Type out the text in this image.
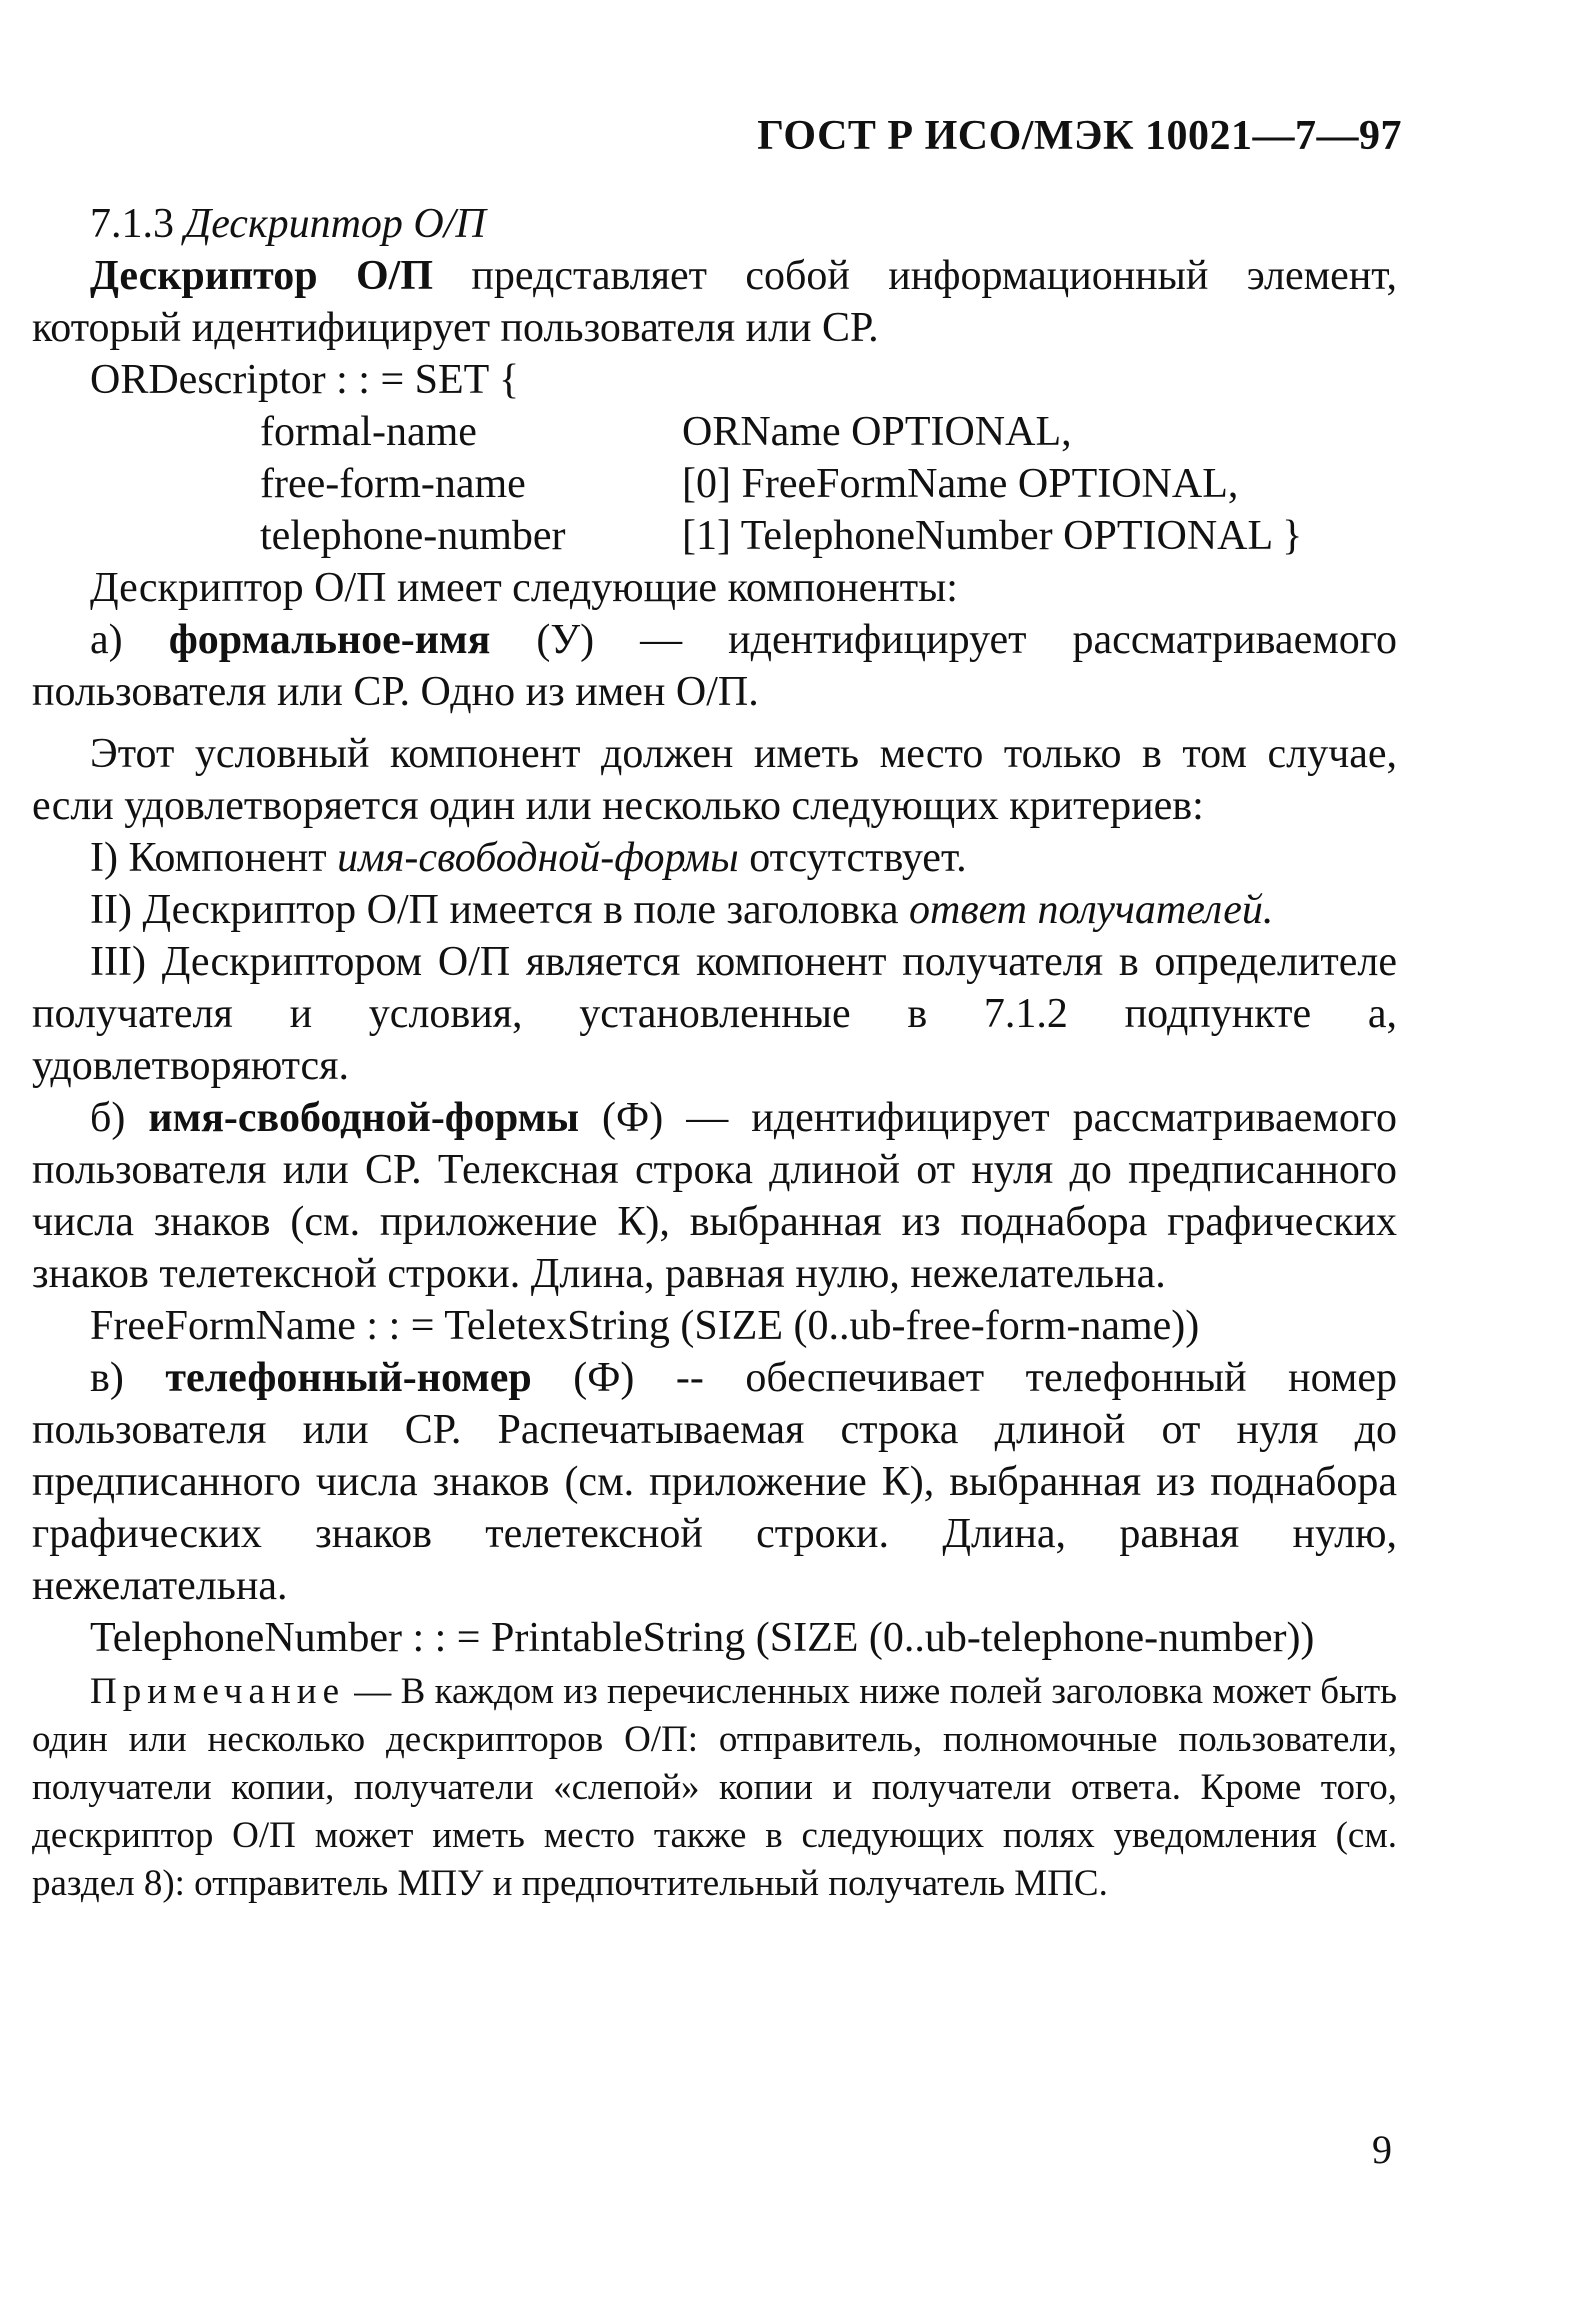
ГОСТ Р ИСО/МЭК 10021—7—97

7.1.3 Дескриптор О/П

Дескриптор О/П представляет собой информационный элемент, который идентифицирует пользователя или СР.

ORDescriptor : : = SET {

formal-name	ORName OPTIONAL,
free-form-name	[0] FreeFormName OPTIONAL,
telephone-number	[1] TelephoneNumber OPTIONAL }

Дескриптор О/П имеет следующие компоненты:

а) формальное-имя (У) — идентифицирует рассматриваемого пользователя или СР. Одно из имен О/П.

Этот условный компонент должен иметь место только в том случае, если удовлетворяется один или несколько следующих критериев:

I) Компонент имя-свободной-формы отсутствует.

II) Дескриптор О/П имеется в поле заголовка ответ получателей.

III) Дескриптором О/П является компонент получателя в определителе получателя и условия, установленные в 7.1.2 подпункте а, удовлетворяются.

б) имя-свободной-формы (Ф) — идентифицирует рассматриваемого пользователя или СР. Телексная строка длиной от нуля до предписанного числа знаков (см. приложение К), выбранная из поднабора графических знаков телетексной строки. Длина, равная нулю, нежелательна.

FreeFormName : : = TeletexString (SIZE (0..ub-free-form-name))

в) телефонный-номер (Ф) -- обеспечивает телефонный номер пользователя или СР. Распечатываемая строка длиной от нуля до предписанного числа знаков (см. приложение К), выбранная из поднабора графических знаков телетексной строки. Длина, равная нулю, нежелательна.

TelephoneNumber : : = PrintableString (SIZE (0..ub-telephone-number))

Примечание — В каждом из перечисленных ниже полей заголовка может быть один или несколько дескрипторов О/П: отправитель, полномочные пользователи, получатели копии, получатели «слепой» копии и получатели ответа. Кроме того, дескриптор О/П может иметь место также в следующих полях уведомления (см. раздел 8): отправитель МПУ и предпочтительный получатель МПС.

9
